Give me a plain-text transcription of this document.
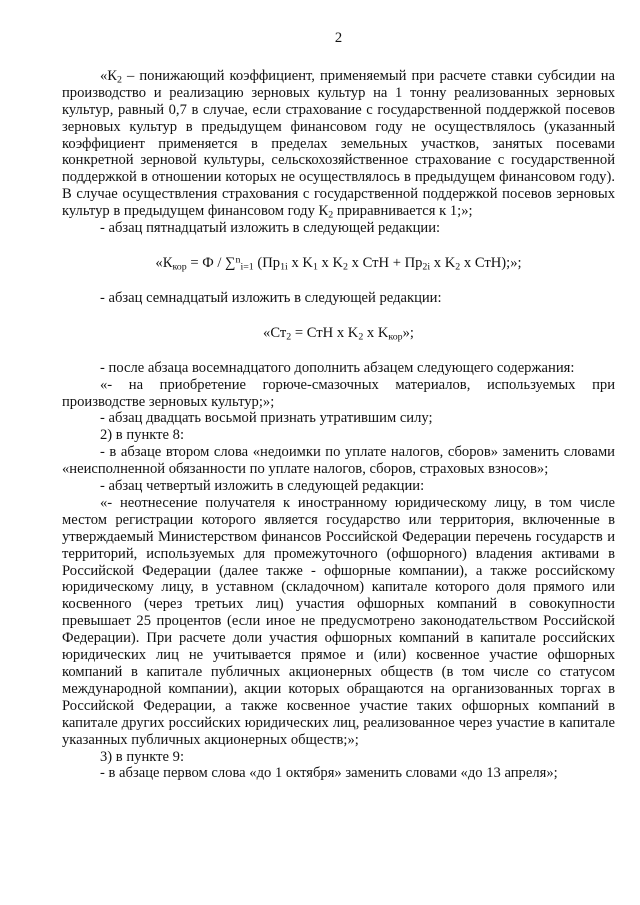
2

«$К_2$ – понижающий коэффициент, применяемый при расчете ставки субсидии на производство и реализацию зерновых культур на 1 тонну реализованных зерновых культур, равный 0,7 в случае, если страхование с государственной поддержкой посевов зерновых культур в предыдущем финансовом году не осуществлялось (указанный коэффициент применяется в пределах земельных участков, занятых посевами конкретной зерновой культуры, сельскохозяйственное страхование с государственной поддержкой в отношении которых не осуществлялось в предыдущем финансовом году). В случае осуществления страхования с государственной поддержкой посевов зерновых культур в предыдущем финансовом году $К_2$ приравнивается к 1;»;

- абзац пятнадцатый изложить в следующей редакции:

«$К_{кор} = Ф / \sum^n_{i=1}$ ($Пр_{1i}$ x $K_1$ x $K_2$ x СтН + $Пр_{2i}$ x $K_2$ x СтН);»;

- абзац семнадцатый изложить в следующей редакции:

«$Ст_2$ = СтН x $K_2$ x $K_{кор}$»;

- после абзаца восемнадцатого дополнить абзацем следующего содержания:

«- на приобретение горюче-смазочных материалов, используемых при производстве зерновых культур;»;

- абзац двадцать восьмой признать утратившим силу;

2) в пункте 8:

- в абзаце втором слова «недоимки по уплате налогов, сборов» заменить словами «неисполненной обязанности по уплате налогов, сборов, страховых взносов»;

- абзац четвертый изложить в следующей редакции:

«- неотнесение получателя к иностранному юридическому лицу, в том числе местом регистрации которого является государство или территория, включенные в утверждаемый Министерством финансов Российской Федерации перечень государств и территорий, используемых для промежуточного (офшорного) владения активами в Российской Федерации (далее также - офшорные компании), а также российскому юридическому лицу, в уставном (складочном) капитале которого доля прямого или косвенного (через третьих лиц) участия офшорных компаний в совокупности превышает 25 процентов (если иное не предусмотрено законодательством Российской Федерации). При расчете доли участия офшорных компаний в капитале российских юридических лиц не учитывается прямое и (или) косвенное участие офшорных компаний в капитале публичных акционерных обществ (в том числе со статусом международной компании), акции которых обращаются на организованных торгах в Российской Федерации, а также косвенное участие таких офшорных компаний в капитале других российских юридических лиц, реализованное через участие в капитале указанных публичных акционерных обществ;»;

3) в пункте 9:

- в абзаце первом слова «до 1 октября» заменить словами «до 13 апреля»;
